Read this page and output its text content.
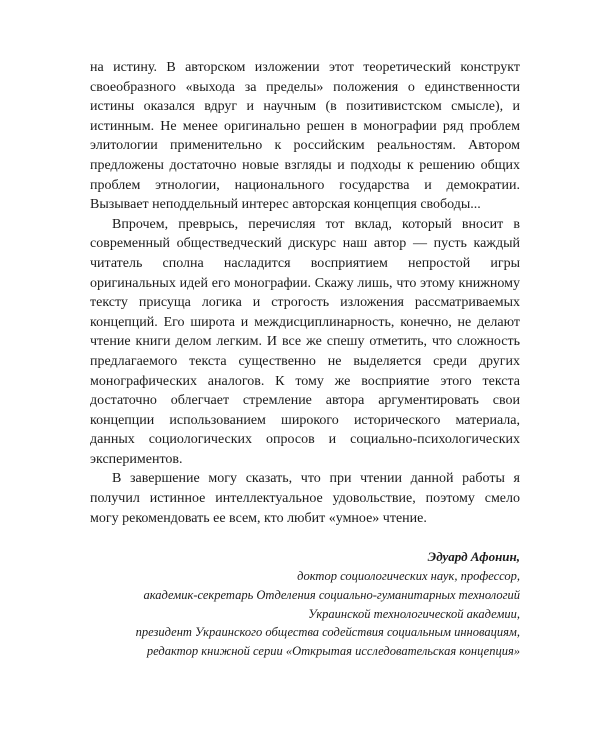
на истину. В авторском изложении этот теоретический конструкт своеобразного «выхода за пределы» положения о единственности истины оказался вдруг и научным (в позитивистском смысле), и истинным. Не менее оригинально решен в монографии ряд проблем элитологии применительно к российским реальностям. Автором предложены достаточно новые взгляды и подходы к решению общих проблем этнологии, национального государства и демократии. Вызывает неподдельный интерес авторская концепция свободы...

Впрочем, преврысь, перечисляя тот вклад, который вносит в современный обществедческий дискурс наш автор — пусть каждый читатель сполна насладится восприятием непростой игры оригинальных идей его монографии. Скажу лишь, что этому книжному тексту присуща логика и строгость изложения рассматриваемых концепций. Его широта и междисциплинарность, конечно, не делают чтение книги делом легким. И все же спешу отметить, что сложность предлагаемого текста существенно не выделяется среди других монографических аналогов. К тому же восприятие этого текста достаточно облегчает стремление автора аргументировать свои концепции использованием широкого исторического материала, данных социологических опросов и социально-психологических экспериментов.

В завершение могу сказать, что при чтении данной работы я получил истинное интеллектуальное удовольствие, поэтому смело могу рекомендовать ее всем, кто любит «умное» чтение.

Эдуард Афонин,
доктор социологических наук, профессор,
академик-секретарь Отделения социально-гуманитарных технологий
Украинской технологической академии,
президент Украинского общества содействия социальным инновациям,
редактор книжной серии «Открытая исследовательская концепция»
